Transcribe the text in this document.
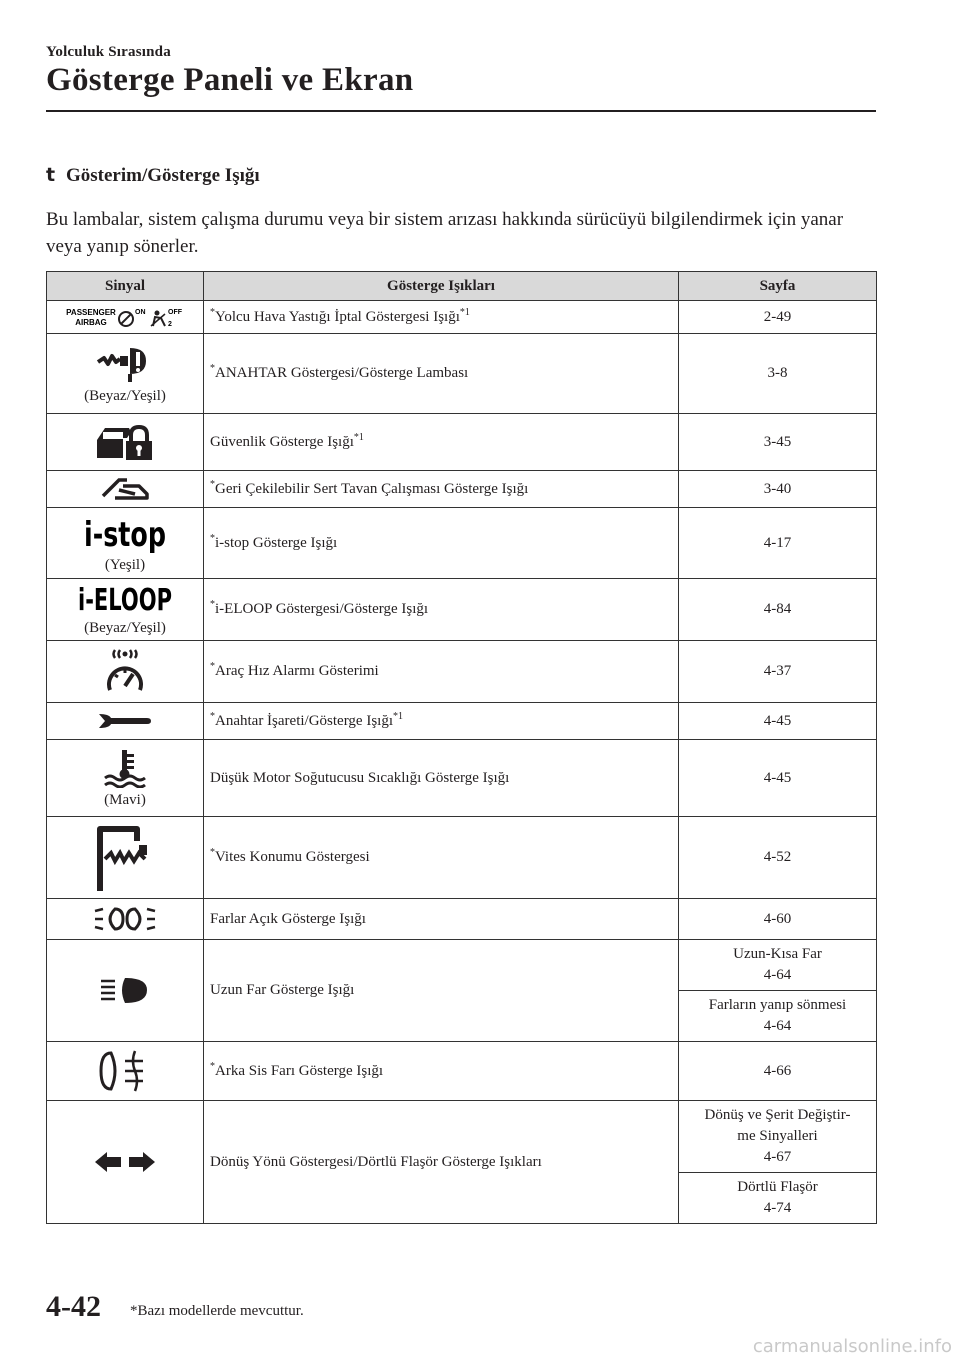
Yolculuk Sırasında
Gösterge Paneli ve Ekran
t Gösterim/Gösterge Işığı
Bu lambalar, sistem çalışma durumu veya bir sistem arızası hakkında sürücüyü bilgilendirmek için yanar veya yanıp sönerler.
Sinyal	Gösterge Işıkları	Sayfa

PASSENGER
AIRBAG
ON OFF
2	*Yolcu Hava Yastığı İptal Göstergesi Işığı$^{*1}$	2-49

(Beyaz/Yeşil)	*ANAHTAR Göstergesi/Gösterge Lambası	3-8

	Güvenlik Gösterge Işığı$^{*1}$	3-45

	*Geri Çekilebilir Sert Tavan Çalışması Gösterge Işığı	3-40

i-stop
(Yeşil)	*i-stop Gösterge Işığı	4-17

i-ELOOP
(Beyaz/Yeşil)	*i-ELOOP Göstergesi/Gösterge Işığı	4-84

	*Araç Hız Alarmı Gösterimi	4-37

	*Anahtar İşareti/Gösterge Işığı$^{*1}$	4-45

(Mavi)	Düşük Motor Soğutucusu Sıcaklığı Gösterge Işığı	4-45

	*Vites Konumu Göstergesi	4-52

	Farlar Açık Gösterge Işığı	4-60

	Uzun Far Gösterge Işığı	Uzun-Kısa Far
4-64

		Farların yanıp sönmesi
4-64

	*Arka Sis Farı Gösterge Işığı	4-66

	Dönüş Yönü Göstergesi/Dörtlü Flaşör Gösterge Işıkları	Dönüş ve Şerit Değiştir-
me Sinyalleri
4-67

		Dörtlü Flaşör
4-74
4-42 *Bazı modellerde mevcuttur.
carmanualsonline.info
